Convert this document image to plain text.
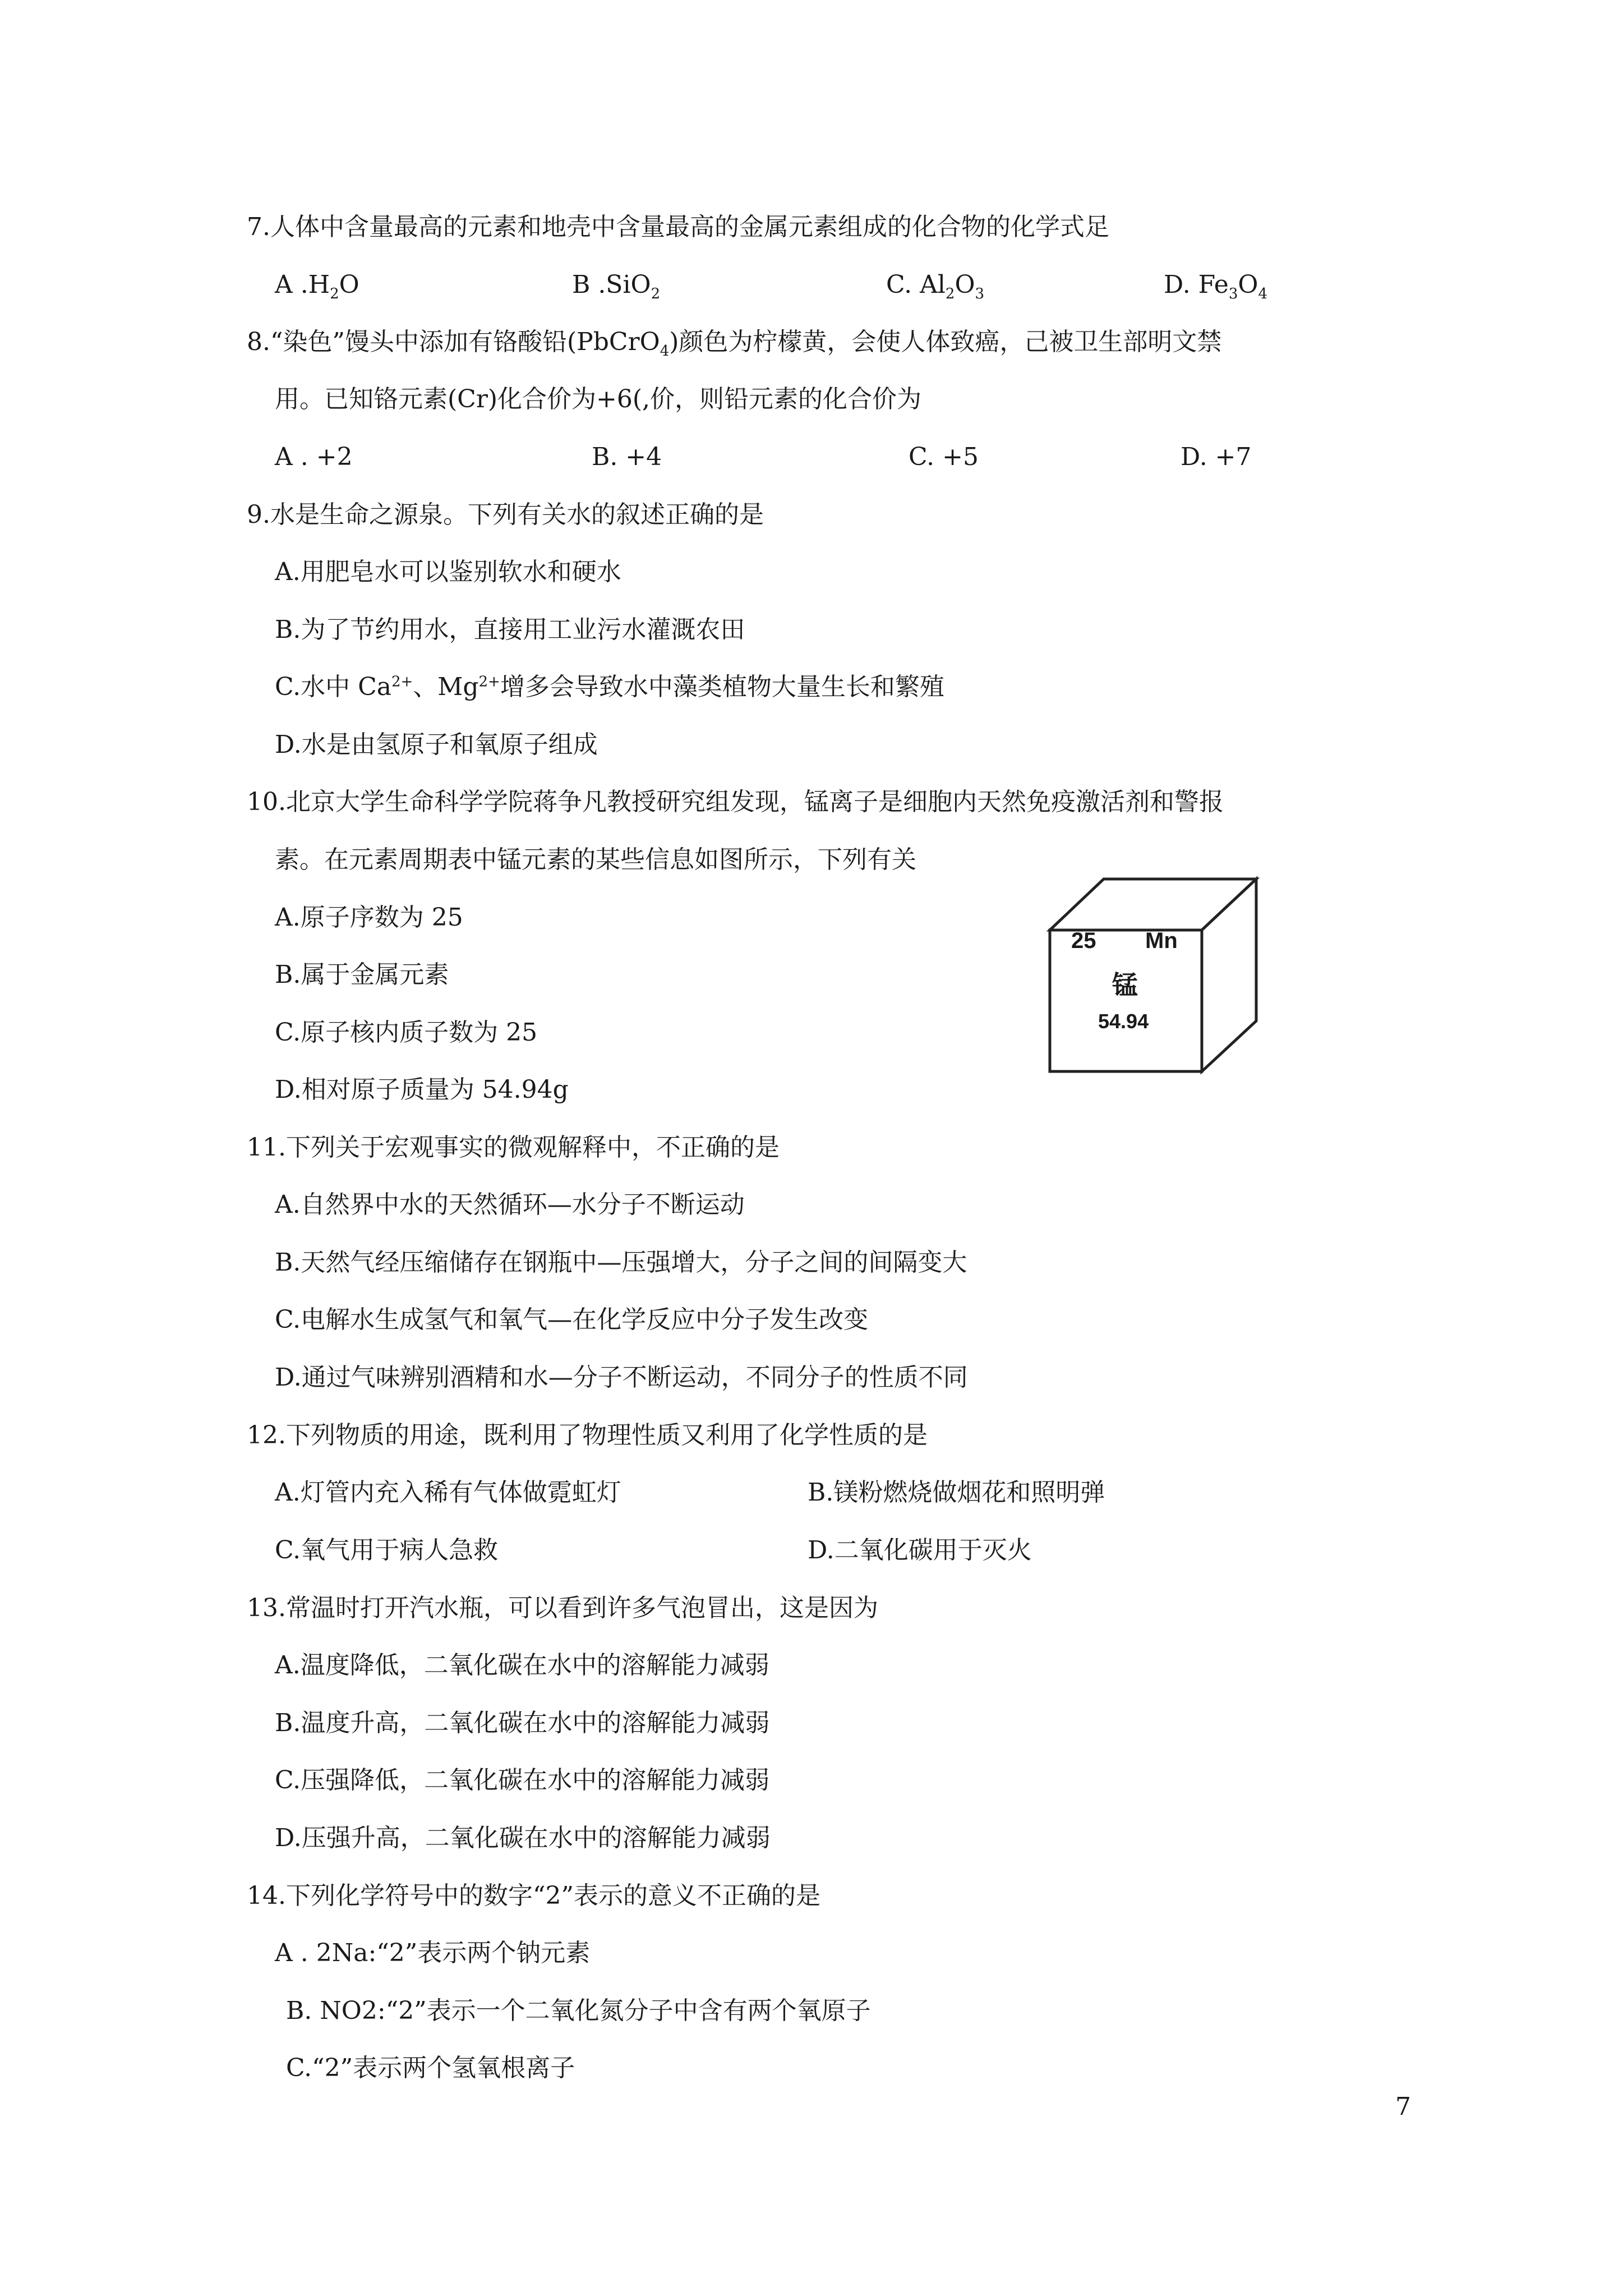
7.人体中含量最高的元素和地壳中含量最高的金属元素组成的化合物的化学式足
A $.H_2O$	B .SiO$_2$	C. $Al_2O_3$	D. $Fe_3O_4$
8.“染色”馒头中添加有铬酸铅(PbCrO$_4$)颜色为柠檬黄，会使人体致癌，己被卫生部明文禁
用。已知铬元素(Cr)化合价为+6(,价，则铅元素的化合价为
A . +2	B. +4	C. +5	D. +7
9.水是生命之源泉。下列有关水的叙述正确的是
A.用肥皂水可以鉴别软水和硬水
B.为了节约用水，直接用工业污水灌溉农田
C.水中 $Ca^{2+}$、$Mg^{2+}$增多会导致水中藻类植物大量生长和繁殖
D.水是由氢原子和氧原子组成
10.北京大学生命科学学院蒋争凡教授研究组发现，锰离子是细胞内天然免疫激活剂和警报
素。在元素周期表中锰元素的某些信息如图所示，下列有关
A.原子序数为 25
B.属于金属元素
C.原子核内质子数为 25
D.相对原子质量为 54.94g
25 Mn
锰
54.94
11.下列关于宏观事实的微观解释中，不正确的是
A.自然界中水的天然循环—水分子不断运动
B.天然气经压缩储存在钢瓶中—压强增大，分子之间的间隔变大
C.电解水生成氢气和氧气—在化学反应中分子发生改变
D.通过气味辨别酒精和水—分子不断运动，不同分子的性质不同
12.下列物质的用途，既利用了物理性质又利用了化学性质的是
A.灯管内充入稀有气体做霓虹灯	B.镁粉燃烧做烟花和照明弹
C.氧气用于病人急救	D.二氧化碳用于灭火
13.常温时打开汽水瓶，可以看到许多气泡冒出，这是因为
A.温度降低，二氧化碳在水中的溶解能力减弱
B.温度升高，二氧化碳在水中的溶解能力减弱
C.压强降低，二氧化碳在水中的溶解能力减弱
D.压强升高，二氧化碳在水中的溶解能力减弱
14.下列化学符号中的数字“2”表示的意义不正确的是
A . 2Na:“2”表示两个钠元素
B. NO2:“2”表示一个二氧化氮分子中含有两个氧原子
C.“2”表示两个氢氧根离子
7
